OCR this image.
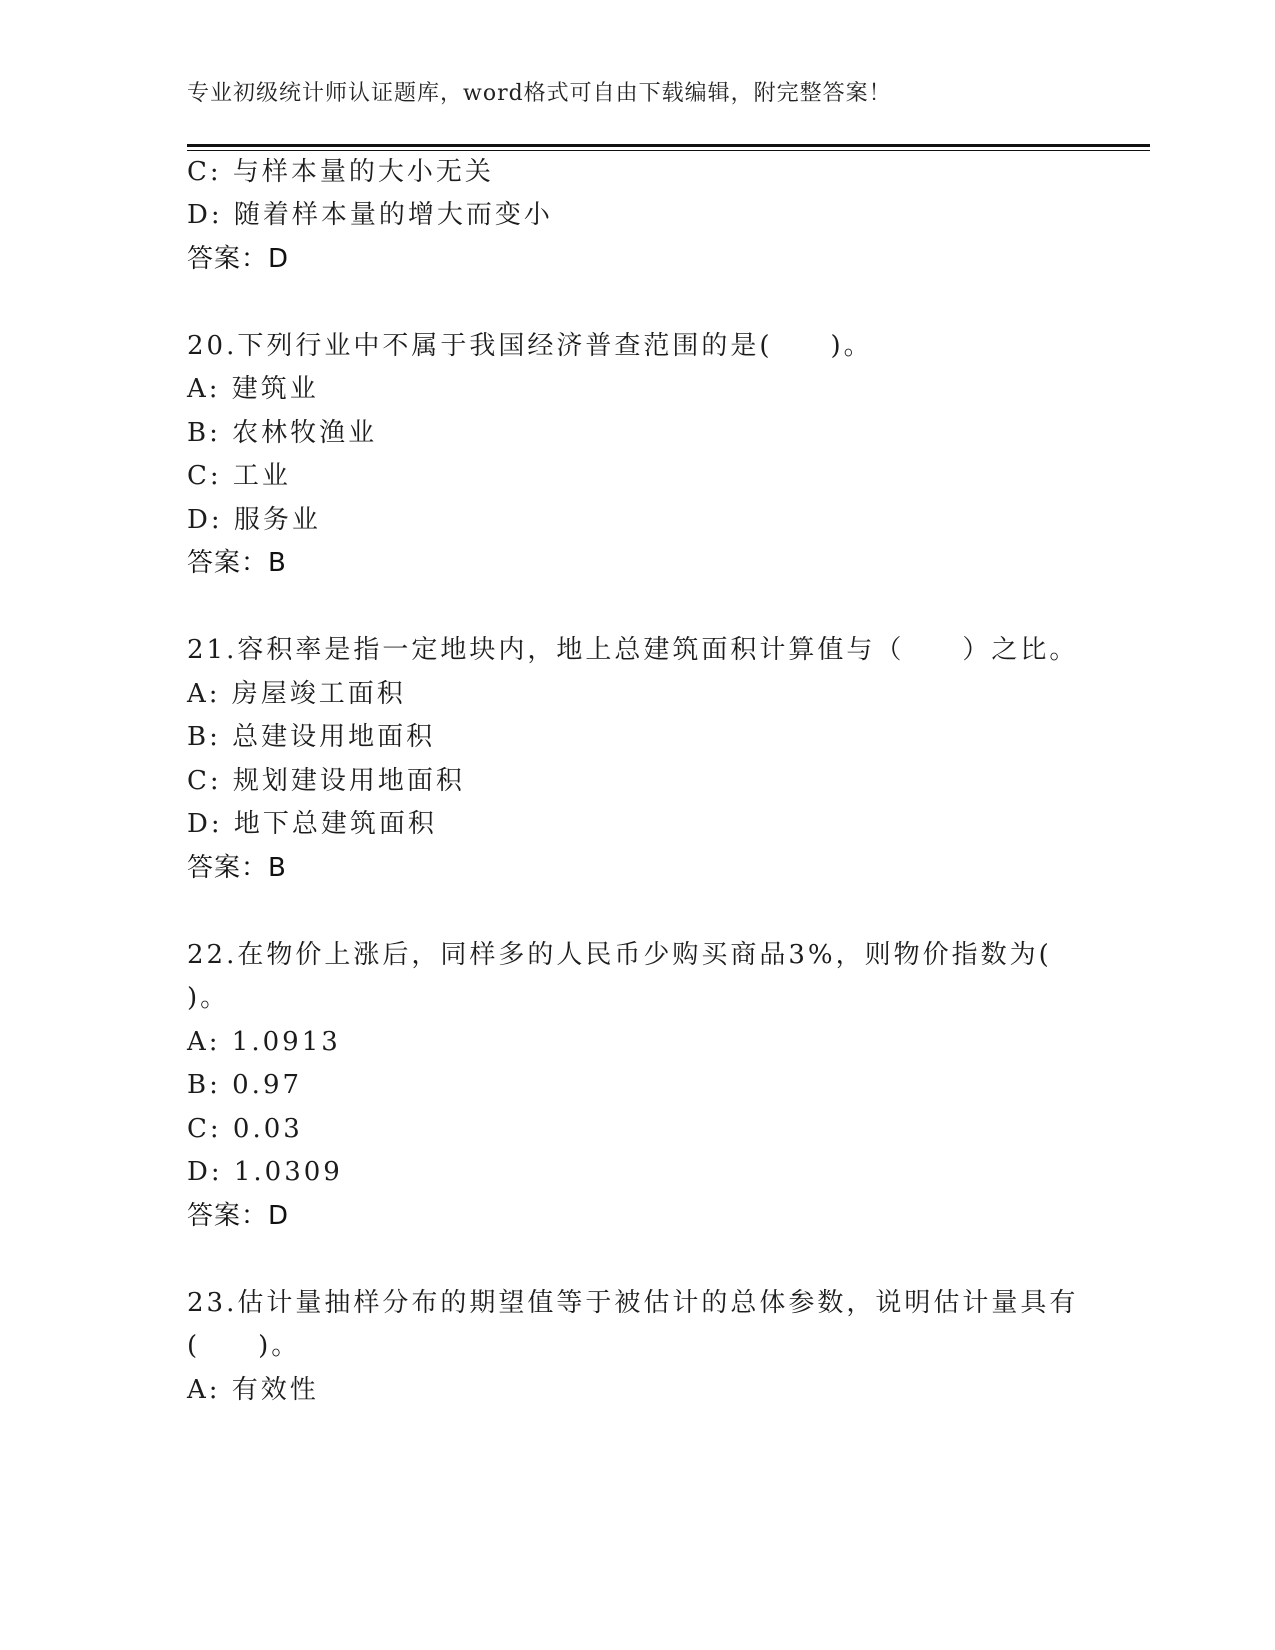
专业初级统计师认证题库，word格式可自由下载编辑，附完整答案！
C: 与样本量的大小无关
D: 随着样本量的增大而变小
答案：D
20.下列行业中不属于我国经济普查范围的是(　　)。
A: 建筑业
B: 农林牧渔业
C: 工业
D: 服务业
答案：B
21.容积率是指一定地块内，地上总建筑面积计算值与（　　）之比。
A: 房屋竣工面积
B: 总建设用地面积
C: 规划建设用地面积
D: 地下总建筑面积
答案：B
22.在物价上涨后，同样多的人民币少购买商品3%，则物价指数为(
)。
A: 1.0913
B: 0.97
C: 0.03
D: 1.0309
答案：D
23.估计量抽样分布的期望值等于被估计的总体参数，说明估计量具有
(　　)。
A: 有效性
